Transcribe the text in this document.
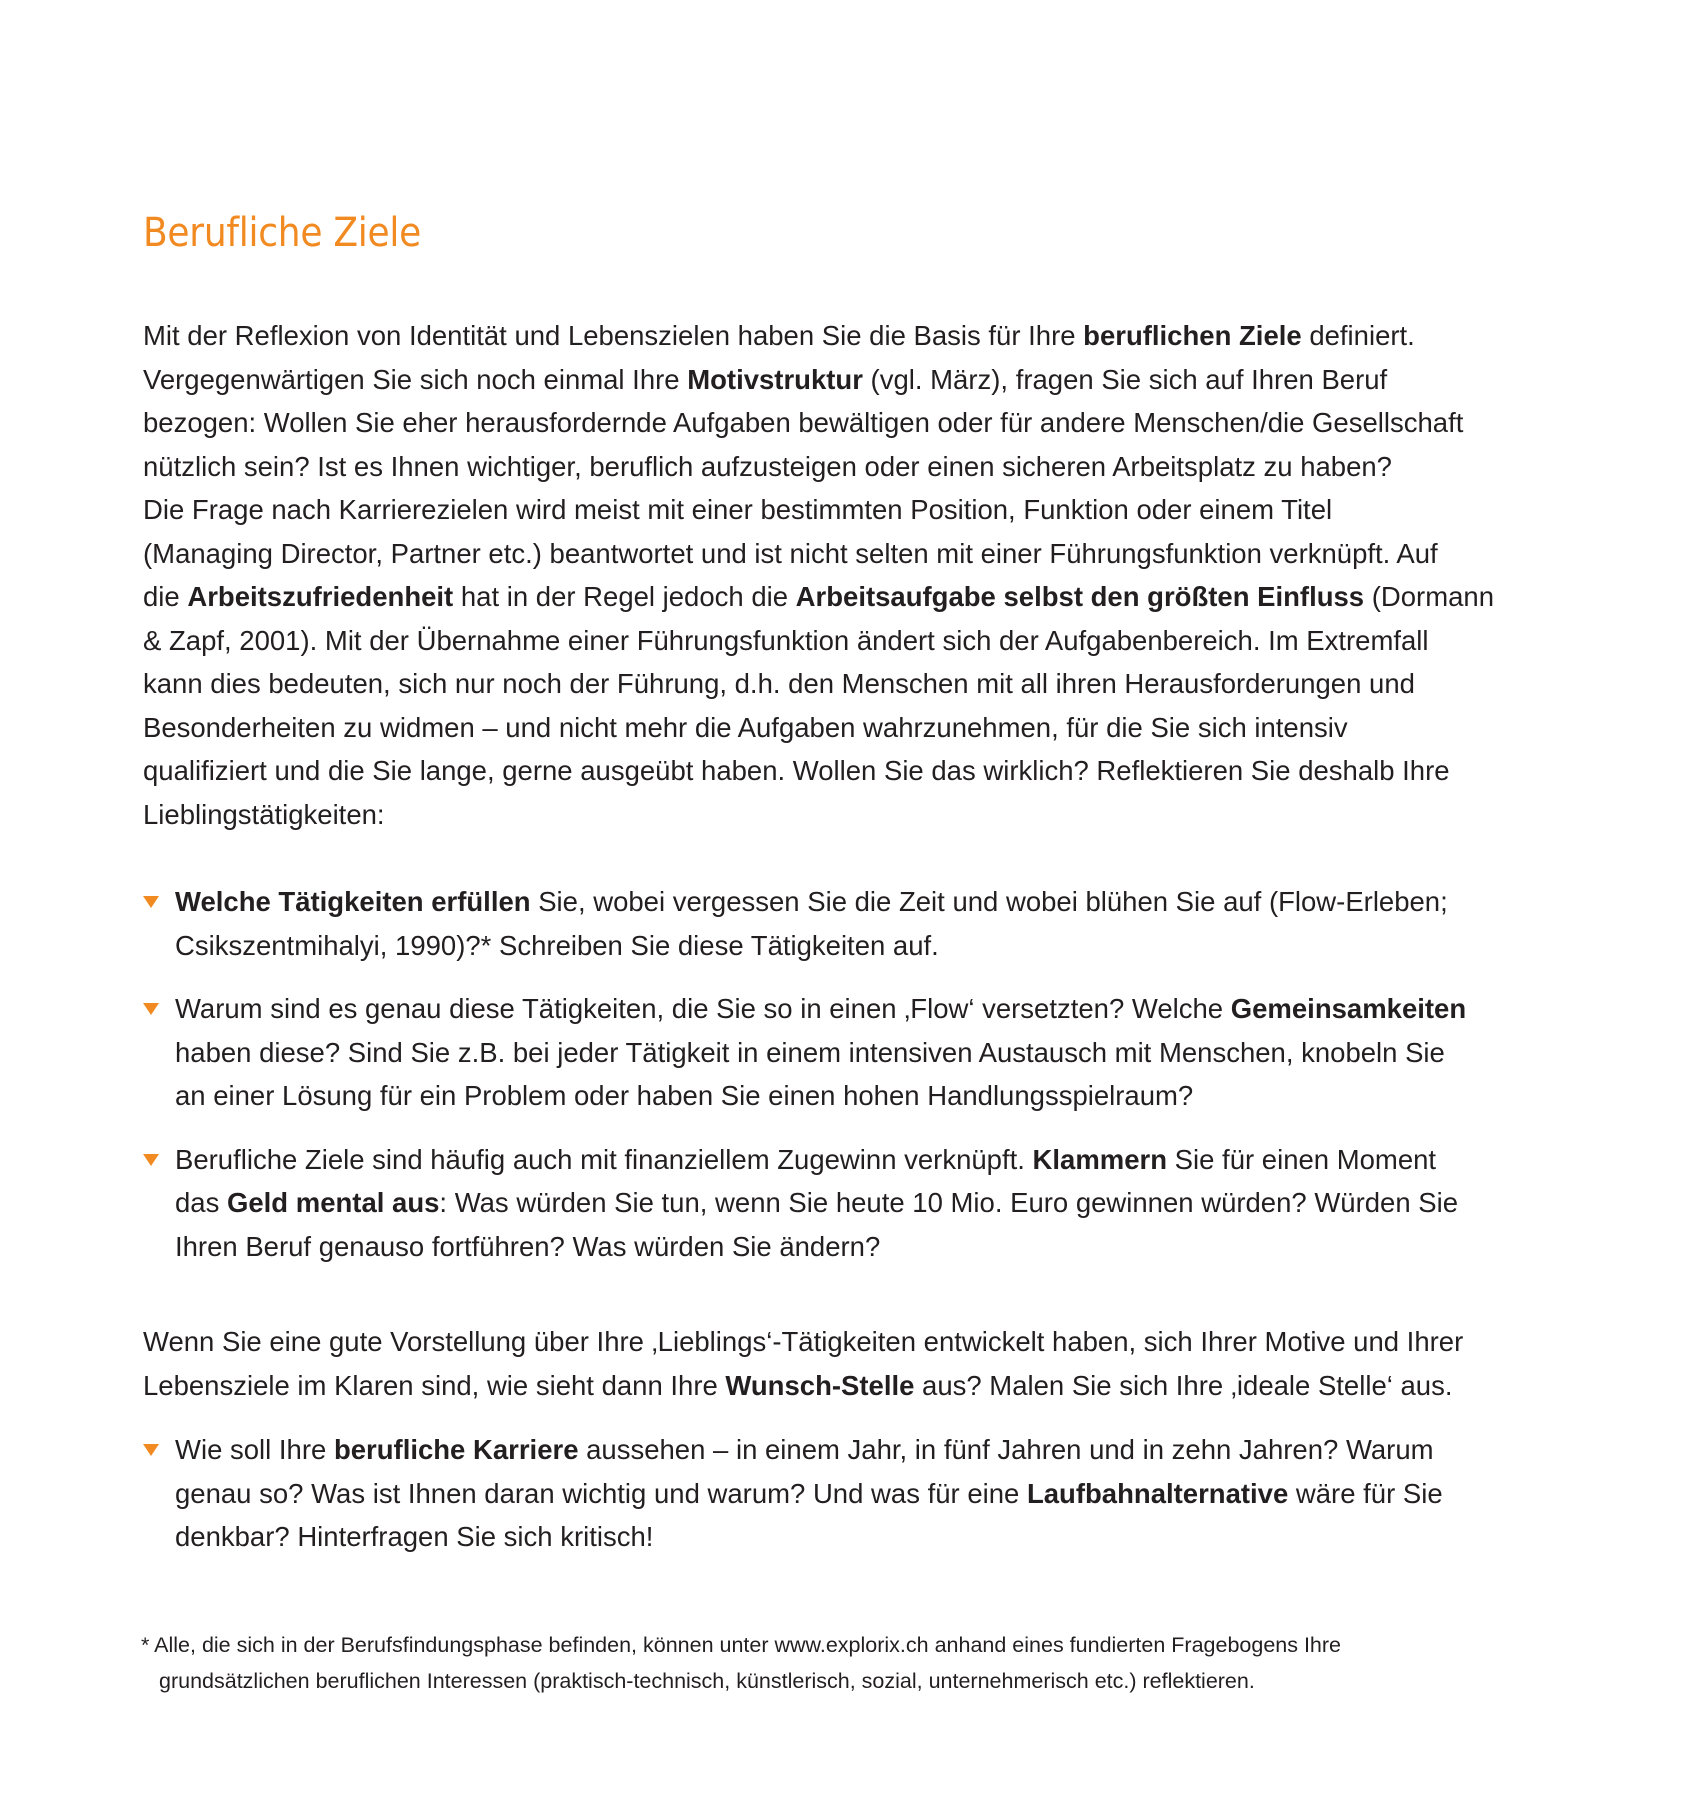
Berufliche Ziele
Mit der Reflexion von Identität und Lebenszielen haben Sie die Basis für Ihre beruflichen Ziele definiert.
Vergegenwärtigen Sie sich noch einmal Ihre Motivstruktur (vgl. März), fragen Sie sich auf Ihren Beruf
bezogen: Wollen Sie eher herausfordernde Aufgaben bewältigen oder für andere Menschen/die Gesellschaft
nützlich sein? Ist es Ihnen wichtiger, beruflich aufzusteigen oder einen sicheren Arbeitsplatz zu haben?
Die Frage nach Karrierezielen wird meist mit einer bestimmten Position, Funktion oder einem Titel
(Managing Director, Partner etc.) beantwortet und ist nicht selten mit einer Führungsfunktion verknüpft. Auf
die Arbeitszufriedenheit hat in der Regel jedoch die Arbeitsaufgabe selbst den größten Einfluss (Dormann
& Zapf, 2001). Mit der Übernahme einer Führungsfunktion ändert sich der Aufgabenbereich. Im Extremfall
kann dies bedeuten, sich nur noch der Führung, d.h. den Menschen mit all ihren Herausforderungen und
Besonderheiten zu widmen – und nicht mehr die Aufgaben wahrzunehmen, für die Sie sich intensiv
qualifiziert und die Sie lange, gerne ausgeübt haben. Wollen Sie das wirklich? Reflektieren Sie deshalb Ihre
Lieblingstätigkeiten:
Welche Tätigkeiten erfüllen Sie, wobei vergessen Sie die Zeit und wobei blühen Sie auf (Flow-Erleben;
Csikszentmihalyi, 1990)?* Schreiben Sie diese Tätigkeiten auf.
Warum sind es genau diese Tätigkeiten, die Sie so in einen ‚Flow‘ versetzten? Welche Gemeinsamkeiten
haben diese? Sind Sie z.B. bei jeder Tätigkeit in einem intensiven Austausch mit Menschen, knobeln Sie
an einer Lösung für ein Problem oder haben Sie einen hohen Handlungsspielraum?
Berufliche Ziele sind häufig auch mit finanziellem Zugewinn verknüpft. Klammern Sie für einen Moment
das Geld mental aus: Was würden Sie tun, wenn Sie heute 10 Mio. Euro gewinnen würden? Würden Sie
Ihren Beruf genauso fortführen? Was würden Sie ändern?
Wenn Sie eine gute Vorstellung über Ihre ‚Lieblings‘-Tätigkeiten entwickelt haben, sich Ihrer Motive und Ihrer
Lebensziele im Klaren sind, wie sieht dann Ihre Wunsch-Stelle aus? Malen Sie sich Ihre ‚ideale Stelle‘ aus.
Wie soll Ihre berufliche Karriere aussehen – in einem Jahr, in fünf Jahren und in zehn Jahren? Warum
genau so? Was ist Ihnen daran wichtig und warum? Und was für eine Laufbahnalternative wäre für Sie
denkbar? Hinterfragen Sie sich kritisch!
* Alle, die sich in der Berufsfindungsphase befinden, können unter www.explorix.ch anhand eines fundierten Fragebogens Ihre
grundsätzlichen beruflichen Interessen (praktisch-technisch, künstlerisch, sozial, unternehmerisch etc.) reflektieren.
